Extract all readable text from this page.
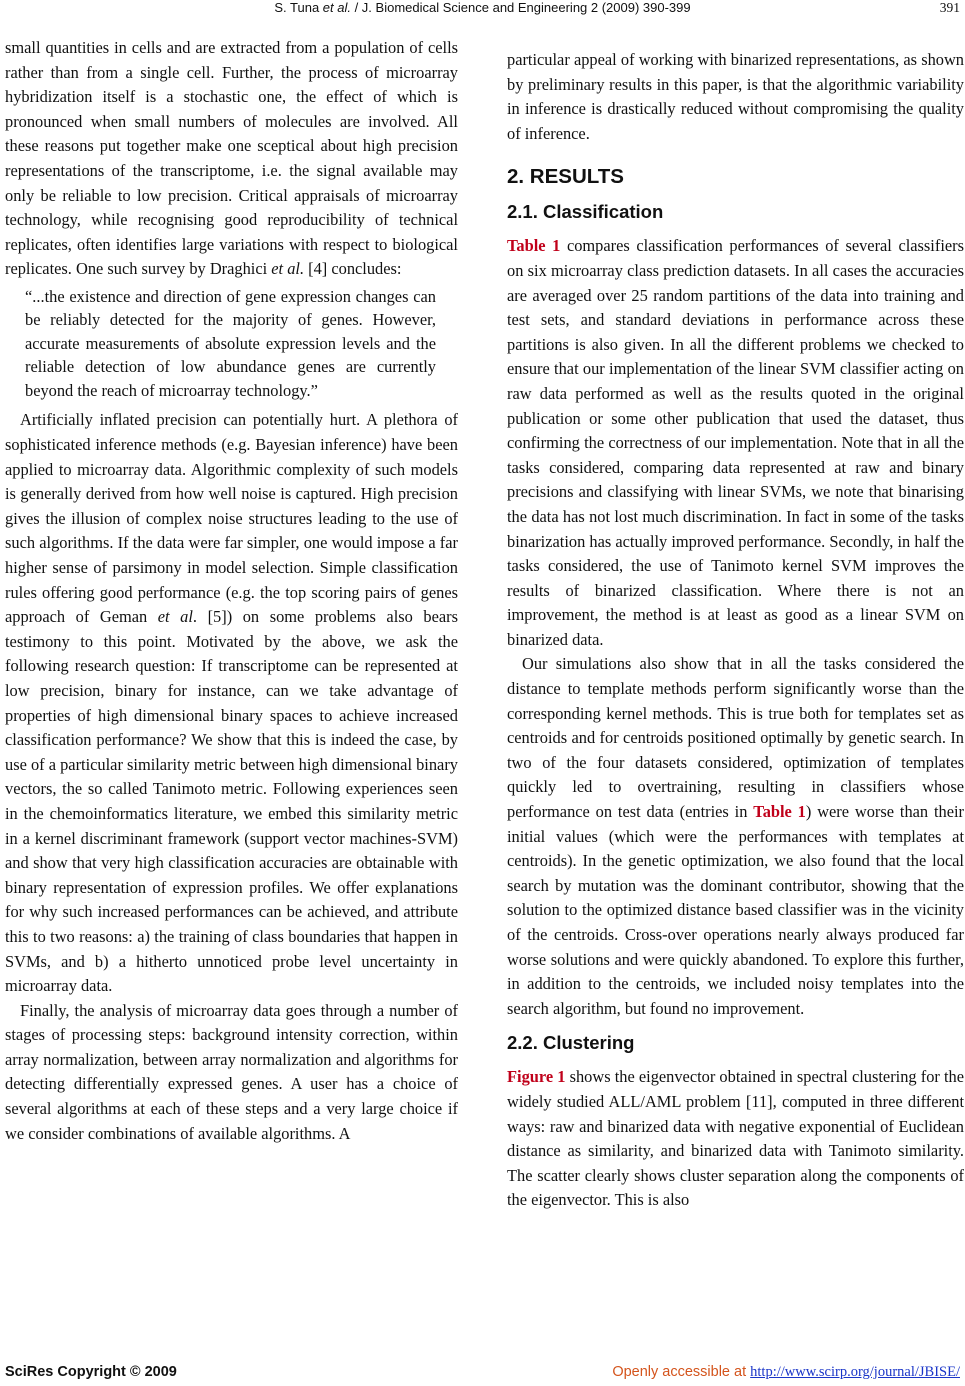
S. Tuna et al. / J. Biomedical Science and Engineering 2 (2009) 390-399	391

small quantities in cells and are extracted from a population of cells rather than from a single cell. Further, the process of microarray hybridization itself is a stochastic one, the effect of which is pronounced when small numbers of molecules are involved. All these reasons put together make one sceptical about high precision representations of the transcriptome, i.e. the signal available may only be reliable to low precision. Critical appraisals of microarray technology, while recognising good reproducibility of technical replicates, often identifies large variations with respect to biological replicates. One such survey by Draghici et al. [4] concludes:

“...the existence and direction of gene expression changes can be reliably detected for the majority of genes. However, accurate measurements of absolute expression levels and the reliable detection of low abundance genes are currently beyond the reach of microarray technology.”

Artificially inflated precision can potentially hurt. A plethora of sophisticated inference methods (e.g. Bayesian inference) have been applied to microarray data. Algorithmic complexity of such models is generally derived from how well noise is captured. High precision gives the illusion of complex noise structures leading to the use of such algorithms. If the data were far simpler, one would impose a far higher sense of parsimony in model selection. Simple classification rules offering good performance (e.g. the top scoring pairs of genes approach of Geman et al. [5]) on some problems also bears testimony to this point. Motivated by the above, we ask the following research question: If transcriptome can be represented at low precision, binary for instance, can we take advantage of properties of high dimensional binary spaces to achieve increased classification performance? We show that this is indeed the case, by use of a particular similarity metric between high dimensional binary vectors, the so called Tanimoto metric. Following experiences seen in the chemoinformatics literature, we embed this similarity metric in a kernel discriminant framework (support vector machines-SVM) and show that very high classification accuracies are obtainable with binary representation of expression profiles. We offer explanations for why such increased performances can be achieved, and attribute this to two reasons: a) the training of class boundaries that happen in SVMs, and b) a hitherto unnoticed probe level uncertainty in microarray data.

Finally, the analysis of microarray data goes through a number of stages of processing steps: background intensity correction, within array normalization, between array normalization and algorithms for detecting differentially expressed genes. A user has a choice of several algorithms at each of these steps and a very large choice if we consider combinations of available algorithms. A

particular appeal of working with binarized representations, as shown by preliminary results in this paper, is that the algorithmic variability in inference is drastically reduced without compromising the quality of inference.

2. RESULTS
2.1. Classification

Table 1 compares classification performances of several classifiers on six microarray class prediction datasets. In all cases the accuracies are averaged over 25 random partitions of the data into training and test sets, and standard deviations in performance across these partitions is also given. In all the different problems we checked to ensure that our implementation of the linear SVM classifier acting on raw data performed as well as the results quoted in the original publication or some other publication that used the dataset, thus confirming the correctness of our implementation. Note that in all the tasks considered, comparing data represented at raw and binary precisions and classifying with linear SVMs, we note that binarising the data has not lost much discrimination. In fact in some of the tasks binarization has actually improved performance. Secondly, in half the tasks considered, the use of Tanimoto kernel SVM improves the results of binarized classification. Where there is not an improvement, the method is at least as good as a linear SVM on binarized data.

Our simulations also show that in all the tasks considered the distance to template methods perform significantly worse than the corresponding kernel methods. This is true both for templates set as centroids and for centroids positioned optimally by genetic search. In two of the four datasets considered, optimization of templates quickly led to overtraining, resulting in classifiers whose performance on test data (entries in Table 1) were worse than their initial values (which were the performances with templates at centroids). In the genetic optimization, we also found that the local search by mutation was the dominant contributor, showing that the solution to the optimized distance based classifier was in the vicinity of the centroids. Cross-over operations nearly always produced far worse solutions and were quickly abandoned. To explore this further, in addition to the centroids, we included noisy templates into the search algorithm, but found no improvement.

2.2. Clustering

Figure 1 shows the eigenvector obtained in spectral clustering for the widely studied ALL/AML problem [11], computed in three different ways: raw and binarized data with negative exponential of Euclidean distance as similarity, and binarized data with Tanimoto similarity. The scatter clearly shows cluster separation along the components of the eigenvector. This is also

SciRes Copyright © 2009	Openly accessible at http://www.scirp.org/journal/JBISE/
